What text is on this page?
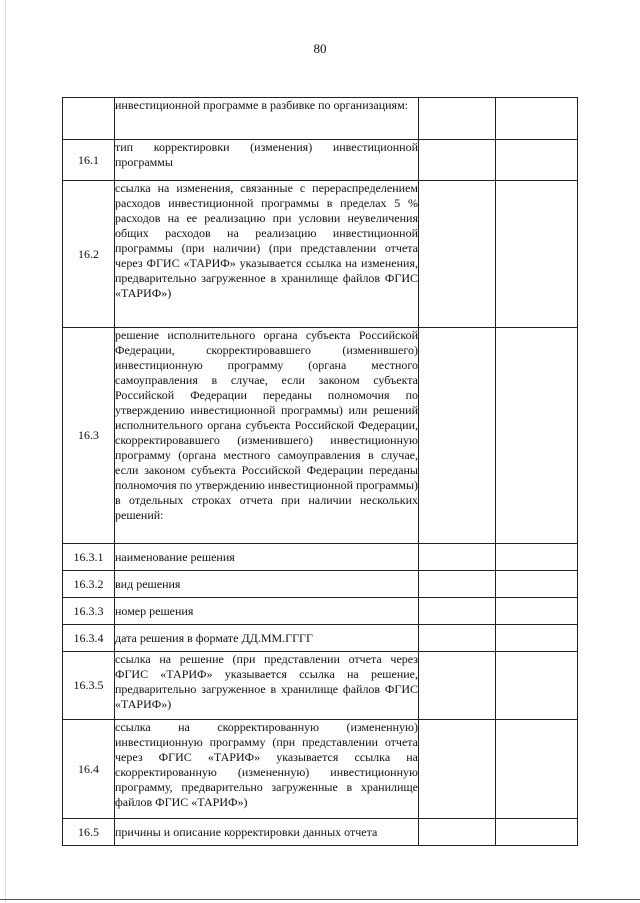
80
	инвестиционной программе в разбивке по организациям:		
16.1	тип корректировки (изменения) инвестиционной программы		
16.2	ссылка на изменения, связанные с перераспределением расходов инвестиционной программы в пределах 5 % расходов на ее реализацию при условии неувеличения общих расходов на реализацию инвестиционной программы (при наличии) (при представлении отчета через ФГИС «ТАРИФ» указывается ссылка на изменения, предварительно загруженное в хранилище файлов ФГИС «ТАРИФ»)		
16.3	решение исполнительного органа субъекта Российской Федерации, скорректировавшего (изменившего) инвестиционную программу (органа местного самоуправления в случае, если законом субъекта Российской Федерации переданы полномочия по утверждению инвестиционной программы) или решений исполнительного органа субъекта Российской Федерации, скорректировавшего (изменившего) инвестиционную программу (органа местного самоуправления в случае, если законом субъекта Российской Федерации переданы полномочия по утверждению инвестиционной программы) в отдельных строках отчета при наличии нескольких решений:		
16.3.1	наименование решения		
16.3.2	вид решения		
16.3.3	номер решения		
16.3.4	дата решения в формате ДД.ММ.ГГГГ		
16.3.5	ссылка на решение (при представлении отчета через ФГИС «ТАРИФ» указывается ссылка на решение, предварительно загруженное в хранилище файлов ФГИС «ТАРИФ»)		
16.4	ссылка на скорректированную (измененную) инвестиционную программу (при представлении отчета через ФГИС «ТАРИФ» указывается ссылка на скорректированную (измененную) инвестиционную программу, предварительно загруженные в хранилище файлов ФГИС «ТАРИФ»)		
16.5	причины и описание корректировки данных отчета		
